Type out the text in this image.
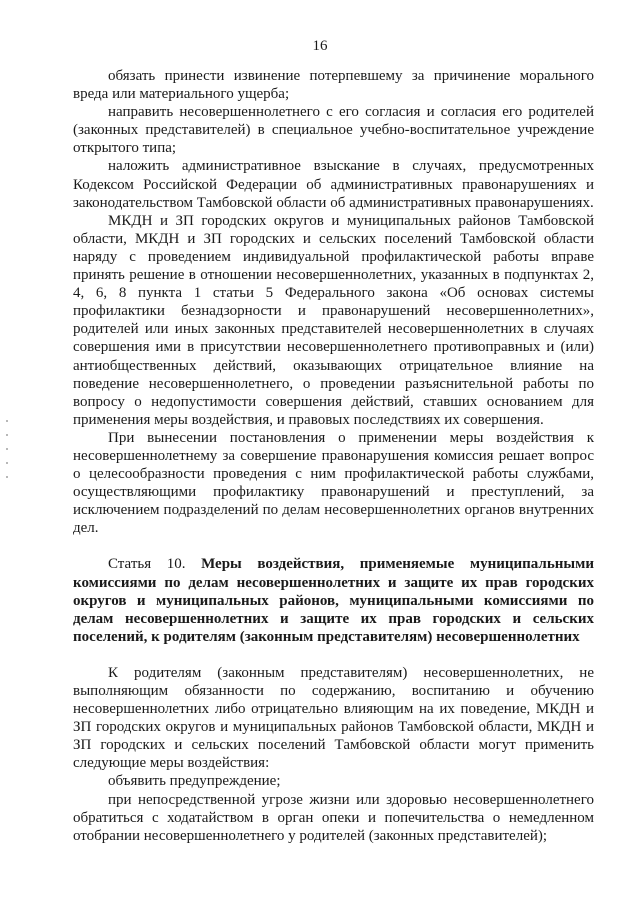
16

обязать принести извинение потерпевшему за причинение морального вреда или материального ущерба;

направить несовершеннолетнего с его согласия и согласия его родителей (законных представителей) в специальное учебно-воспитательное учреждение открытого типа;

наложить административное взыскание в случаях, предусмотренных Кодексом Российской Федерации об административных правонарушениях и законодательством Тамбовской области об административных правонарушениях.

МКДН и ЗП городских округов и муниципальных районов Тамбовской области, МКДН и ЗП городских и сельских поселений Тамбовской области наряду с проведением индивидуальной профилактической работы вправе принять решение в отношении несовершеннолетних, указанных в подпунктах 2, 4, 6, 8 пункта 1 статьи 5 Федерального закона «Об основах системы профилактики безнадзорности и правонарушений несовершеннолетних», родителей или иных законных представителей несовершеннолетних в случаях совершения ими в присутствии несовершеннолетнего противоправных и (или) антиобщественных действий, оказывающих отрицательное влияние на поведение несовершеннолетнего, о проведении разъяснительной работы по вопросу о недопустимости совершения действий, ставших основанием для применения меры воздействия, и правовых последствиях их совершения.

При вынесении постановления о применении меры воздействия к несовершеннолетнему за совершение правонарушения комиссия решает вопрос о целесообразности проведения с ним профилактической работы службами, осуществляющими профилактику правонарушений и преступлений, за исключением подразделений по делам несовершеннолетних органов внутренних дел.

Статья 10. Меры воздействия, применяемые муниципальными комиссиями по делам несовершеннолетних и защите их прав городских округов и муниципальных районов, муниципальными комиссиями по делам несовершеннолетних и защите их прав городских и сельских поселений, к родителям (законным представителям) несовершеннолетних

К родителям (законным представителям) несовершеннолетних, не выполняющим обязанности по содержанию, воспитанию и обучению несовершеннолетних либо отрицательно влияющим на их поведение, МКДН и ЗП городских округов и муниципальных районов Тамбовской области, МКДН и ЗП городских и сельских поселений Тамбовской области могут применить следующие меры воздействия:

объявить предупреждение;

при непосредственной угрозе жизни или здоровью несовершеннолетнего обратиться с ходатайством в орган опеки и попечительства о немедленном отобрании несовершеннолетнего у родителей (законных представителей);
